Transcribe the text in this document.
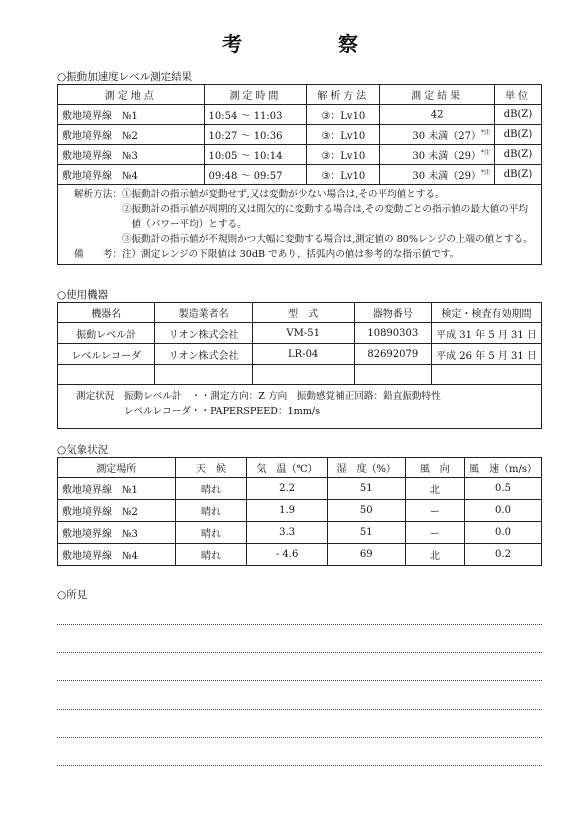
考　察
○振動加速度レベル測定結果
測定地点	測定時間	解析方法	測定結果	単位
敷地境界線　№1	10:54 ～ 11:03	③：Lv10	42	dB(Z)
敷地境界線　№2	10:27 ～ 10:36	③：Lv10	30 未満$(27)^{*注}$	dB(Z)
敷地境界線　№3	10:05 ～ 10:14	③：Lv10	30 未満$(29)^{*注}$	dB(Z)
敷地境界線　№4	09:48 ～ 09:57	③：Lv10	30 未満$(29)^{*注}$	dB(Z)
解析方法：①振動計の指示値が変動せず,又は変動が少ない場合は,その平均値とする。
　　　　　②振動計の指示値が周期的又は間欠的に変動する場合は,その変動ごとの指示値の最大値の平均
　　　　　　値（パワー平均）とする。
　　　　　③振動計の指示値が不規則かつ大幅に変動する場合は,測定値の 80%レンジの上端の値とする。
備　　考：注）測定レンジの下限値は 30dB であり、括弧内の値は参考的な指示値です。
○使用機器
機器名	製造業者名	型　式	器物番号	検定・検査有効期間
振動レベル計	リオン株式会社	VM-51	10890303	平成 31 年 5 月 31 日
レベルレコーダ	リオン株式会社	LR-04	82692079	平成 26 年 5 月 31 日

測定状況　振動レベル計　・・測定方向：Z 方向　振動感覚補正回路：鉛直振動特性
　　　　　レベルレコーダ・・PAPERSPEED：1mm/s
○気象状況
測定場所	天　候	気　温（℃）	湿　度（%）	風　向	風　速（m/s）
敷地境界線　№1	晴れ	2.2	51	北	0.5
敷地境界線　№2	晴れ	1.9	50	ー	0.0
敷地境界線　№3	晴れ	3.3	51	ー	0.0
敷地境界線　№4	晴れ	- 4.6	69	北	0.2
○所見
